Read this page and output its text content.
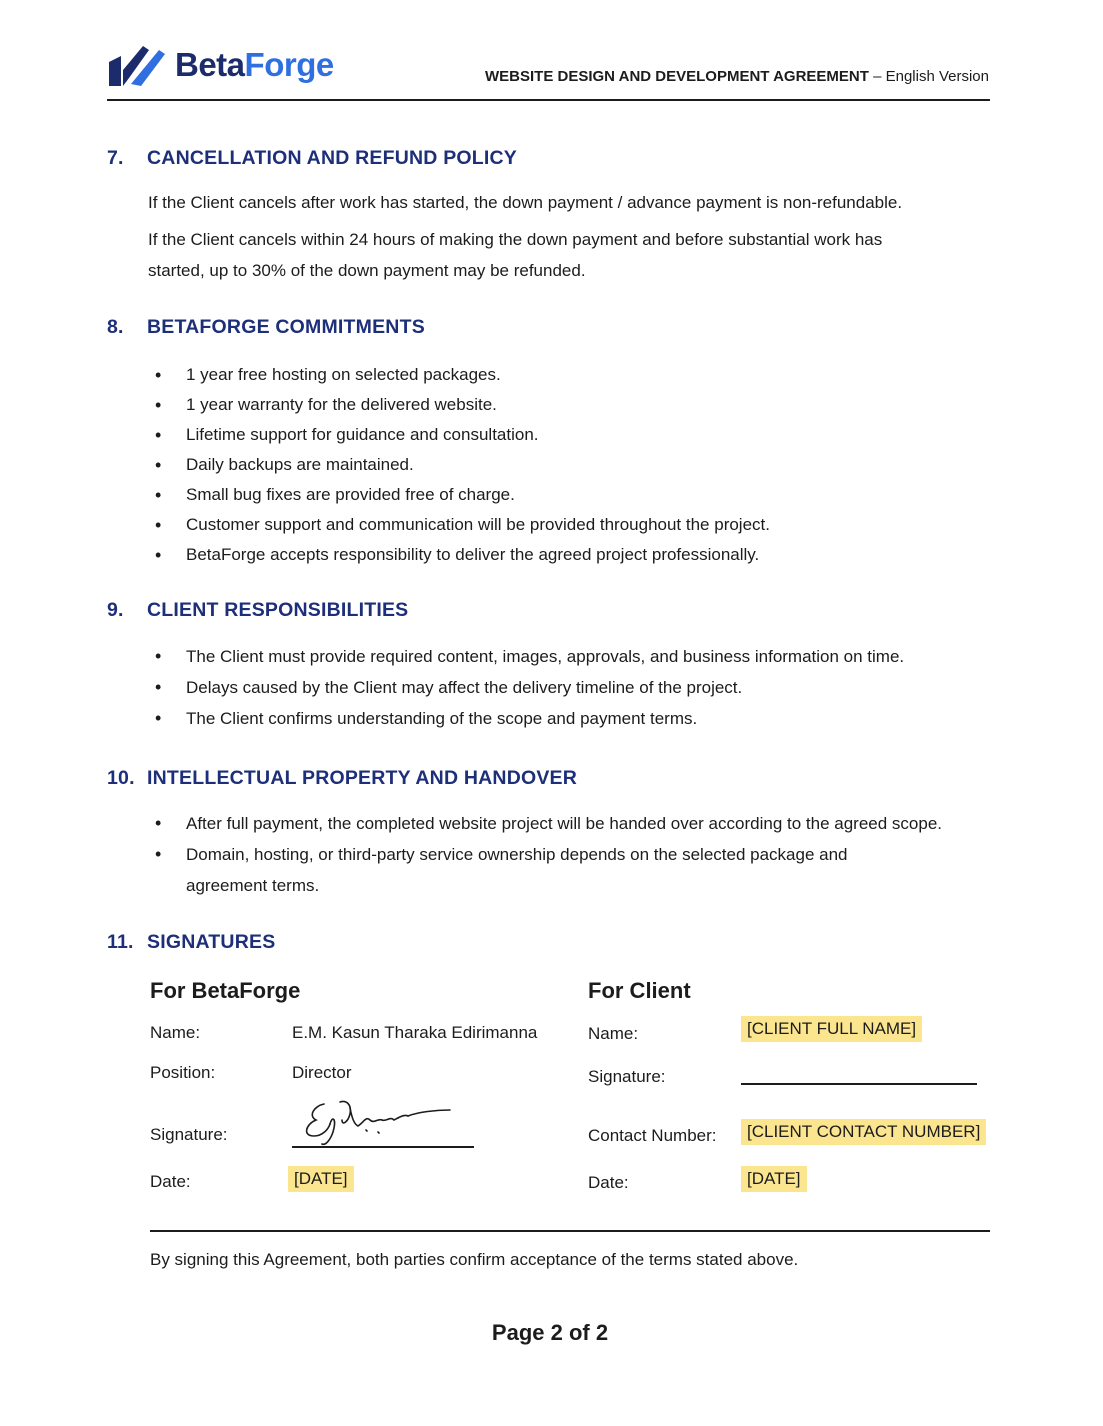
BetaForge	WEBSITE DESIGN AND DEVELOPMENT AGREEMENT – English Version
7. CANCELLATION AND REFUND POLICY
If the Client cancels after work has started, the down payment / advance payment is non-refundable.
If the Client cancels within 24 hours of making the down payment and before substantial work has started, up to 30% of the down payment may be refunded.
8. BETAFORGE COMMITMENTS
• 1 year free hosting on selected packages.
• 1 year warranty for the delivered website.
• Lifetime support for guidance and consultation.
• Daily backups are maintained.
• Small bug fixes are provided free of charge.
• Customer support and communication will be provided throughout the project.
• BetaForge accepts responsibility to deliver the agreed project professionally.
9. CLIENT RESPONSIBILITIES
• The Client must provide required content, images, approvals, and business information on time.
• Delays caused by the Client may affect the delivery timeline of the project.
• The Client confirms understanding of the scope and payment terms.
10. INTELLECTUAL PROPERTY AND HANDOVER
• After full payment, the completed website project will be handed over according to the agreed scope.
• Domain, hosting, or third-party service ownership depends on the selected package and agreement terms.
11. SIGNATURES
For BetaForge
Name:	E.M. Kasun Tharaka Edirimanna
Position:	Director
Signature:
Date:	[DATE]
For Client
Name:	[CLIENT FULL NAME]
Signature:
Contact Number:	[CLIENT CONTACT NUMBER]
Date:	[DATE]
By signing this Agreement, both parties confirm acceptance of the terms stated above.
Page 2 of 2
